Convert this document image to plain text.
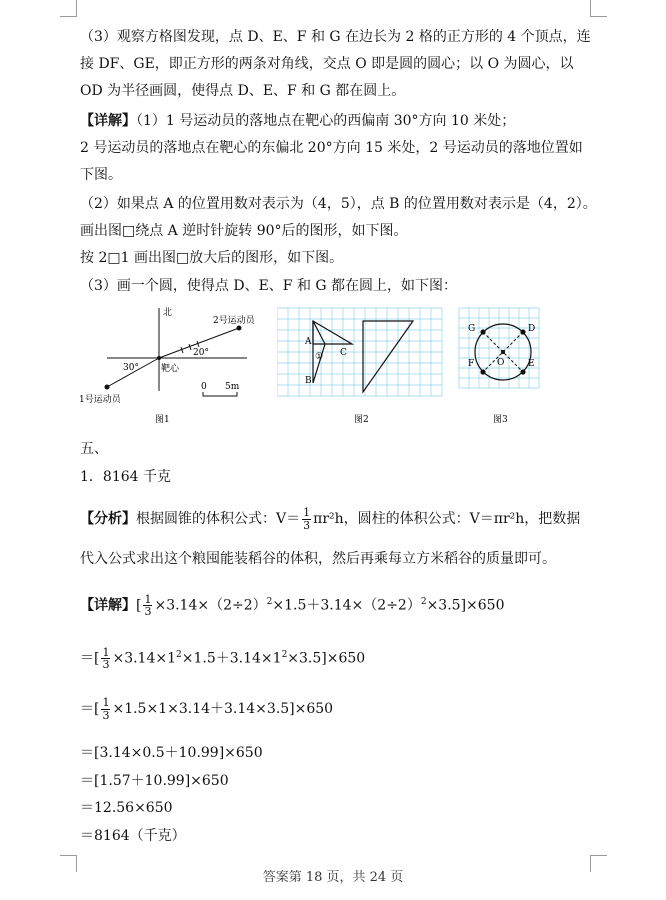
（3）观察方格图发现，点 D、E、F 和 G 在边长为 2 格的正方形的 4 个顶点，连
接 DF、GE，即正方形的两条对角线，交点 O 即是圆的圆心；以 O 为圆心，以
OD 为半径画圆，使得点 D、E、F 和 G 都在圆上。
【详解】（1）1 号运动员的落地点在靶心的西偏南 30°方向 10 米处；
2 号运动员的落地点在靶心的东偏北 20°方向 15 米处，2 号运动员的落地位置如
下图。
（2）如果点 A 的位置用数对表示为（4，5），点 B 的位置用数对表示是（4，2）。
画出图□绕点 A 逆时针旋转 90°后的图形，如下图。
按 2□1 画出图□放大后的图形，如下图。
（3）画一个圆，使得点 D、E、F 和 G 都在圆上，如下图：
北
30°
20°
靶心
2号运动员
1号运动员
0 5m
图1
A
B
C
①
图2
G	D
F	E
O
图3
五、
1．8164 千克
【分析】根据圆锥的体积公式：$V= \frac{1}{3} \pi r^2h$，圆柱的体积公式：V＝πr²h，把数据
代入公式求出这个粮囤能装稻谷的体积，然后再乘每立方米稻谷的质量即可。
【详解】[ $\frac{1}{3} \times 3.14\times(2\div 2)^2\times 1.5+3.14\times(2\div 2)^2\times 3.5]\times 650$
＝[ $\frac{1}{3} \times 3.14\times 1^2\times 1.5+3.14\times 1^2\times 3.5]\times 650$
＝[ $\frac{1}{3} \times 1.5\times 1\times 3.14+3.14\times 3.5]\times 650$
＝[3.14×0.5＋10.99]×650
＝[1.57＋10.99]×650
＝12.56×650
＝8164（千克）
答案第 18 页，共 24 页
